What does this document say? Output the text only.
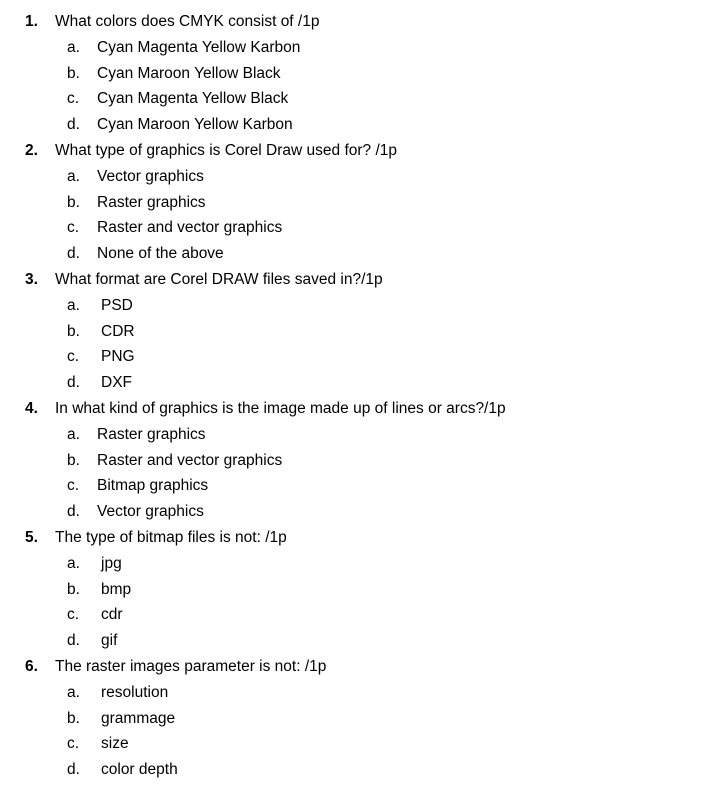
1. What colors does CMYK consist of /1p
a. Cyan Magenta Yellow Karbon
b. Cyan Maroon Yellow Black
c. Cyan Magenta Yellow Black
d. Cyan Maroon Yellow Karbon
2. What type of graphics is Corel Draw used for? /1p
a. Vector graphics
b. Raster graphics
c. Raster and vector graphics
d. None of the above
3. What format are Corel DRAW files saved in?/1p
a. PSD
b. CDR
c. PNG
d. DXF
4. In what kind of graphics is the image made up of lines or arcs?/1p
a. Raster graphics
b. Raster and vector graphics
c. Bitmap graphics
d. Vector graphics
5. The type of bitmap files is not: /1p
a. jpg
b. bmp
c. cdr
d. gif
6. The raster images parameter is not: /1p
a. resolution
b. grammage
c. size
d. color depth
